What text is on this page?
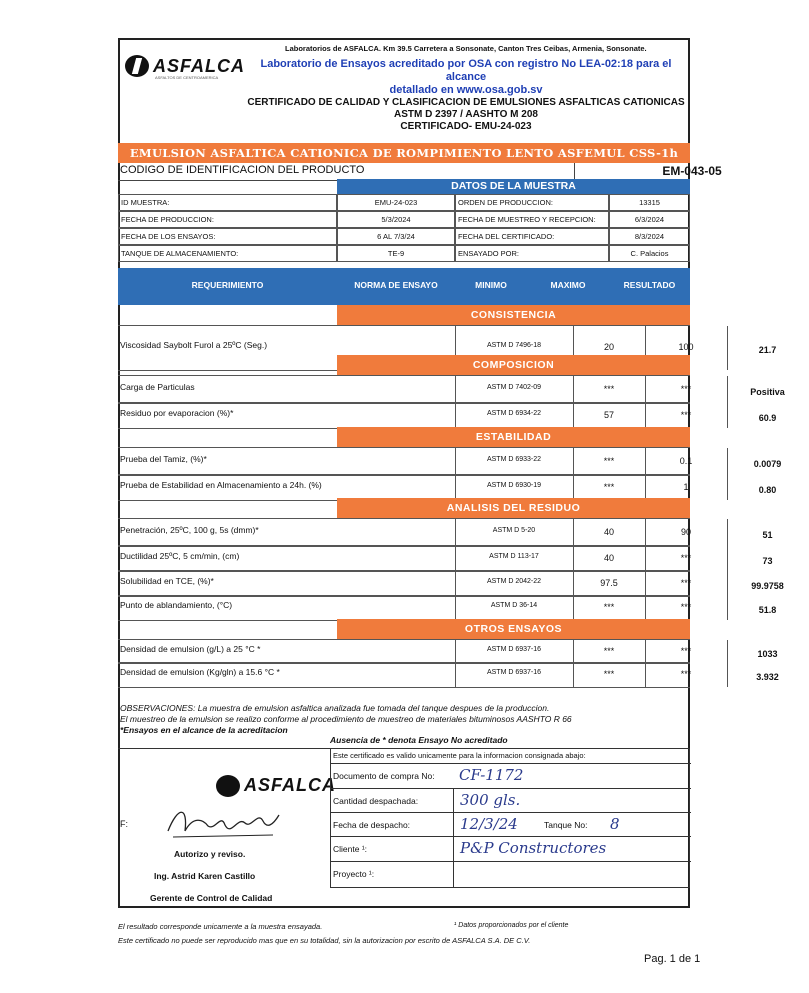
Laboratorios de ASFALCA. Km 39.5 Carretera a Sonsonate, Canton Tres Ceibas, Armenia, Sonsonate.
ASFALCA
ASFALTOS DE CENTROAMERICA
Laboratorio de Ensayos acreditado por OSA con registro No LEA-02:18 para el alcance
detallado en www.osa.gob.sv
CERTIFICADO DE CALIDAD Y CLASIFICACION DE EMULSIONES ASFALTICAS CATIONICAS
ASTM D 2397 / AASHTO M 208
CERTIFICADO- EMU-24-023
EMULSION ASFALTICA CATIONICA DE ROMPIMIENTO LENTO ASFEMUL CSS-1h
CODIGO DE IDENTIFICACION DEL PRODUCTO	EM-043-05
DATOS DE LA MUESTRA
ID MUESTRA:	EMU-24-023	ORDEN DE PRODUCCION:	13315
FECHA DE PRODUCCION:	5/3/2024	FECHA DE MUESTREO Y RECEPCION:	6/3/2024
FECHA DE LOS ENSAYOS:	6 AL 7/3/24	FECHA DEL CERTIFICADO:	8/3/2024
TANQUE DE ALMACENAMIENTO:	TE-9	ENSAYADO POR:	C. Palacios
REQUERIMIENTO	NORMA DE ENSAYO	MINIMO	MAXIMO	RESULTADO
CONSISTENCIA
Viscosidad Saybolt Furol a 25ºC (Seg.)	ASTM D 7496-18	20	100	21.7
COMPOSICION
Carga de Particulas	ASTM D 7402-09	***	***	Positiva
Residuo por evaporacion (%)*	ASTM D 6934-22	57	***	60.9
ESTABILIDAD
Prueba del Tamiz, (%)*	ASTM D 6933-22	***	0.1	0.0079
Prueba de Estabilidad en Almacenamiento a 24h. (%)	ASTM D 6930-19	***	1	0.80
ANALISIS DEL RESIDUO
Penetración, 25ºC, 100 g, 5s (dmm)*	ASTM D 5-20	40	90	51
Ductilidad 25ºC, 5 cm/min, (cm)	ASTM D 113-17	40	***	73
Solubilidad en TCE, (%)*	ASTM D 2042-22	97.5	***	99.9758
Punto de ablandamiento, (°C)	ASTM D 36-14	***	***	51.8
OTROS ENSAYOS
Densidad de emulsion (g/L) a 25 °C *	ASTM D 6937-16	***	***	1033
Densidad de emulsion (Kg/gln) a 15.6 °C *	ASTM D 6937-16	***	***	3.932
OBSERVACIONES: La muestra de emulsion asfaltica analizada fue tomada del tanque despues de la produccion.
El muestreo de la emulsion se realizo conforme al procedimiento de muestreo de materiales bituminosos AASHTO R 66
*Ensayos en el alcance de la acreditacion
Ausencia de * denota Ensayo No acreditado
ASFALCA
F:
Autorizo y reviso.
Ing. Astrid Karen Castillo
Gerente de Control de Calidad
Este certificado es valido unicamente para la informacion consignada abajo:
Documento de compra No: CF-1172
Cantidad despachada:	300 gls.
Fecha de despacho:	12/3/24	Tanque No: 8
Cliente ¹:	P&P Constructores
Proyecto ¹:
El resultado corresponde unicamente a la muestra ensayada.	¹ Datos proporcionados por el cliente
Este certificado no puede ser reproducido mas que en su totalidad, sin la autorizacion por escrito de ASFALCA S.A. DE C.V.
Pag. 1 de 1
